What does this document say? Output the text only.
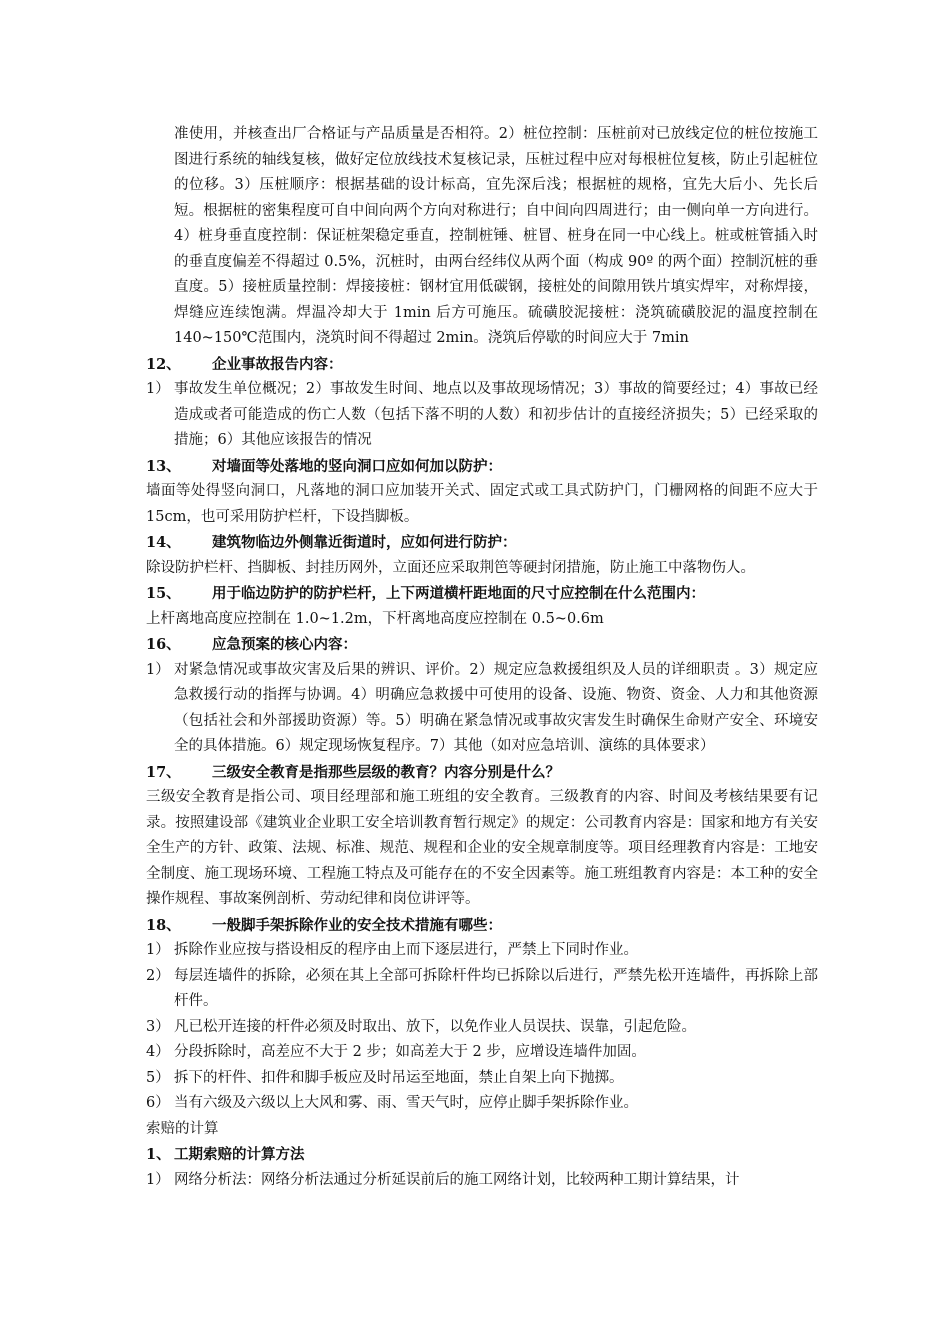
准使用，并核查出厂合格证与产品质量是否相符。2）桩位控制：压桩前对已放线定位的桩位按施工图进行系统的轴线复核，做好定位放线技术复核记录，压桩过程中应对每根桩位复核，防止引起桩位的位移。3）压桩顺序：根据基础的设计标高，宜先深后浅；根据桩的规格，宜先大后小、先长后短。根据桩的密集程度可自中间向两个方向对称进行；自中间向四周进行；由一侧向单一方向进行。4）桩身垂直度控制：保证桩架稳定垂直，控制桩锤、桩冒、桩身在同一中心线上。桩或桩管插入时的垂直度偏差不得超过 0.5%，沉桩时，由两台经纬仪从两个面（构成 90º 的两个面）控制沉桩的垂直度。5）接桩质量控制：焊接接桩：钢材宜用低碳钢，接桩处的间隙用铁片填实焊牢，对称焊接，焊缝应连续饱满。焊温冷却大于 1min 后方可施压。硫磺胶泥接桩：浇筑硫磺胶泥的温度控制在 140~150℃范围内，浇筑时间不得超过 2min。浇筑后停歇的时间应大于 7min
12、 企业事故报告内容：
1） 事故发生单位概况；2）事故发生时间、地点以及事故现场情况；3）事故的简要经过；4）事故已经造成或者可能造成的伤亡人数（包括下落不明的人数）和初步估计的直接经济损失；5）已经采取的措施；6）其他应该报告的情况
13、 对墙面等处落地的竖向洞口应如何加以防护：

墙面等处得竖向洞口，凡落地的洞口应加装开关式、固定式或工具式防护门，门栅网格的间距不应大于 15cm，也可采用防护栏杆，下设挡脚板。

14、 建筑物临边外侧靠近街道时，应如何进行防护：

除设防护栏杆、挡脚板、封挂历网外，立面还应采取荆笆等硬封闭措施，防止施工中落物伤人。

15、 用于临边防护的防护栏杆，上下两道横杆距地面的尺寸应控制在什么范围内：

上杆离地高度应控制在 1.0~1.2m，下杆离地高度应控制在 0.5~0.6m

16、 应急预案的核心内容：
1） 对紧急情况或事故灾害及后果的辨识、评价。2）规定应急救援组织及人员的详细职责 。3）规定应急救援行动的指挥与协调。4）明确应急救援中可使用的设备、设施、物资、资金、人力和其他资源（包括社会和外部援助资源）等。5）明确在紧急情况或事故灾害发生时确保生命财产安全、环境安全的具体措施。6）规定现场恢复程序。7）其他（如对应急培训、演练的具体要求）
17、 三级安全教育是指那些层级的教育？内容分别是什么？

三级安全教育是指公司、项目经理部和施工班组的安全教育。三级教育的内容、时间及考核结果要有记录。按照建设部《建筑业企业职工安全培训教育暂行规定》的规定：公司教育内容是：国家和地方有关安全生产的方针、政策、法规、标准、规范、规程和企业的安全规章制度等。项目经理教育内容是：工地安全制度、施工现场环境、工程施工特点及可能存在的不安全因素等。施工班组教育内容是：本工种的安全操作规程、事故案例剖析、劳动纪律和岗位讲评等。

18、 一般脚手架拆除作业的安全技术措施有哪些：
1） 拆除作业应按与搭设相反的程序由上而下逐层进行，严禁上下同时作业。
2） 每层连墙件的拆除，必须在其上全部可拆除杆件均已拆除以后进行，严禁先松开连墙件，再拆除上部杆件。
3） 凡已松开连接的杆件必须及时取出、放下，以免作业人员误扶、误靠，引起危险。
4） 分段拆除时，高差应不大于 2 步；如高差大于 2 步，应增设连墙件加固。
5） 拆下的杆件、扣件和脚手板应及时吊运至地面，禁止自架上向下抛掷。
6） 当有六级及六级以上大风和雾、雨、雪天气时，应停止脚手架拆除作业。

索赔的计算

1、 工期索赔的计算方法
1） 网络分析法：网络分析法通过分析延误前后的施工网络计划，比较两种工期计算结果，计
